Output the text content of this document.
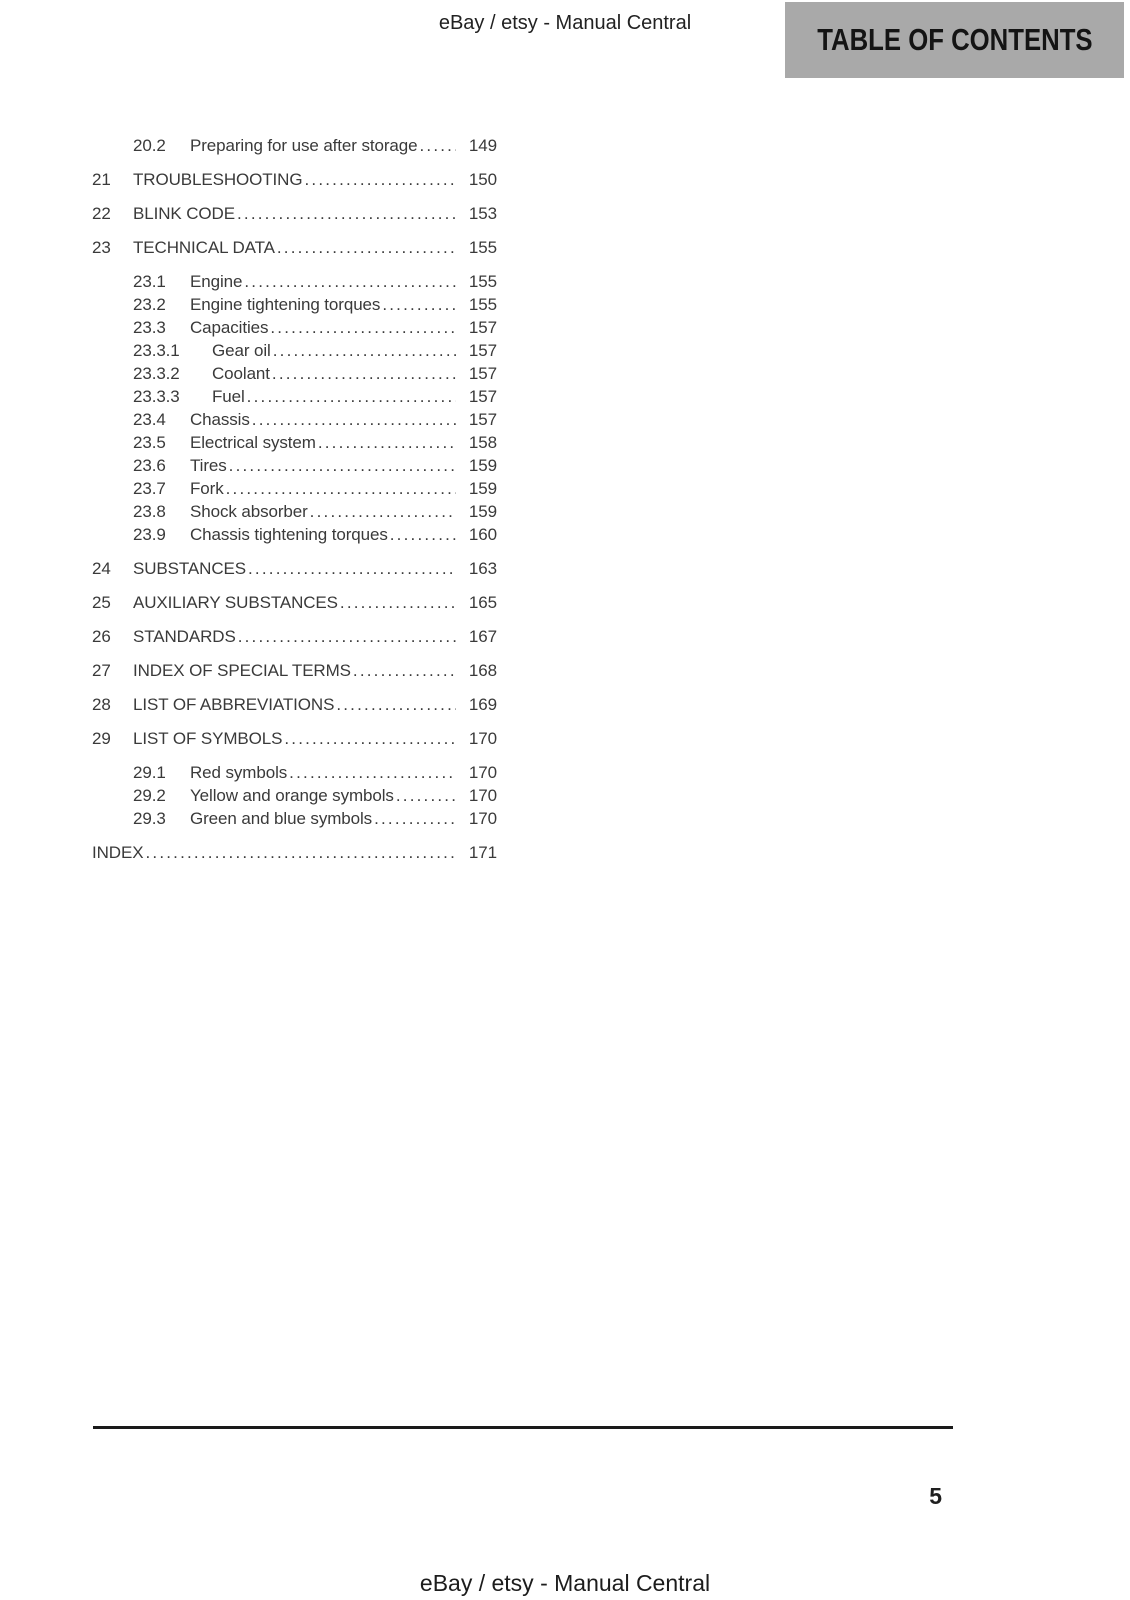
eBay / etsy - Manual Central	TABLE OF CONTENTS
20.2	Preparing for use after storage .....	149
21	TROUBLESHOOTING .....	150
22	BLINK CODE .....	153
23	TECHNICAL DATA .....	155
23.1	Engine .....	155
23.2	Engine tightening torques .....	155
23.3	Capacities .....	157
23.3.1	Gear oil .....	157
23.3.2	Coolant .....	157
23.3.3	Fuel .....	157
23.4	Chassis .....	157
23.5	Electrical system .....	158
23.6	Tires .....	159
23.7	Fork .....	159
23.8	Shock absorber .....	159
23.9	Chassis tightening torques .....	160
24	SUBSTANCES .....	163
25	AUXILIARY SUBSTANCES .....	165
26	STANDARDS .....	167
27	INDEX OF SPECIAL TERMS .....	168
28	LIST OF ABBREVIATIONS .....	169
29	LIST OF SYMBOLS .....	170
29.1	Red symbols .....	170
29.2	Yellow and orange symbols .....	170
29.3	Green and blue symbols .....	170
INDEX .....	171
5
eBay / etsy - Manual Central
